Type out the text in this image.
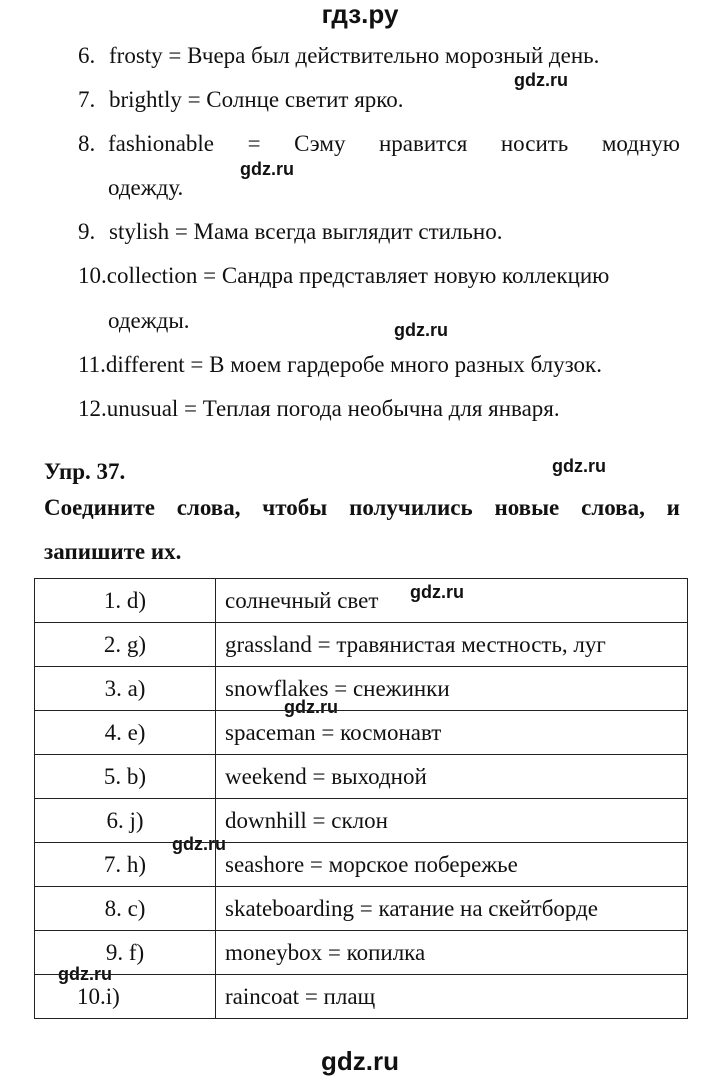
гдз.ру
gdz.ru
gdz.ru
gdz.ru
gdz.ru
gdz.ru
gdz.ru
gdz.ru
gdz.ru
6. frosty = Вчера был действительно морозный день.
7. brightly = Солнце светит ярко.
8. fashionable = Сэму нравится носить модную
одежду.
9. stylish = Мама всегда выглядит стильно.
10.collection = Сандра представляет новую коллекцию
одежды.
11.different = В моем гардеробе много разных блузок.
12.unusual = Теплая погода необычна для января.
Упр. 37.
Соедините слова, чтобы получились новые слова, и
запишите их.
1. d)	солнечный свет
2. g)	grassland = травянистая местность, луг
3. a)	snowflakes = снежинки
4. e)	spaceman = космонавт
5. b)	weekend = выходной
6. j)	downhill = склон
7. h)	seashore = морское побережье
8. c)	skateboarding = катание на скейтборде
9. f)	moneybox = копилка
10.i)	raincoat = плащ
gdz.ru
